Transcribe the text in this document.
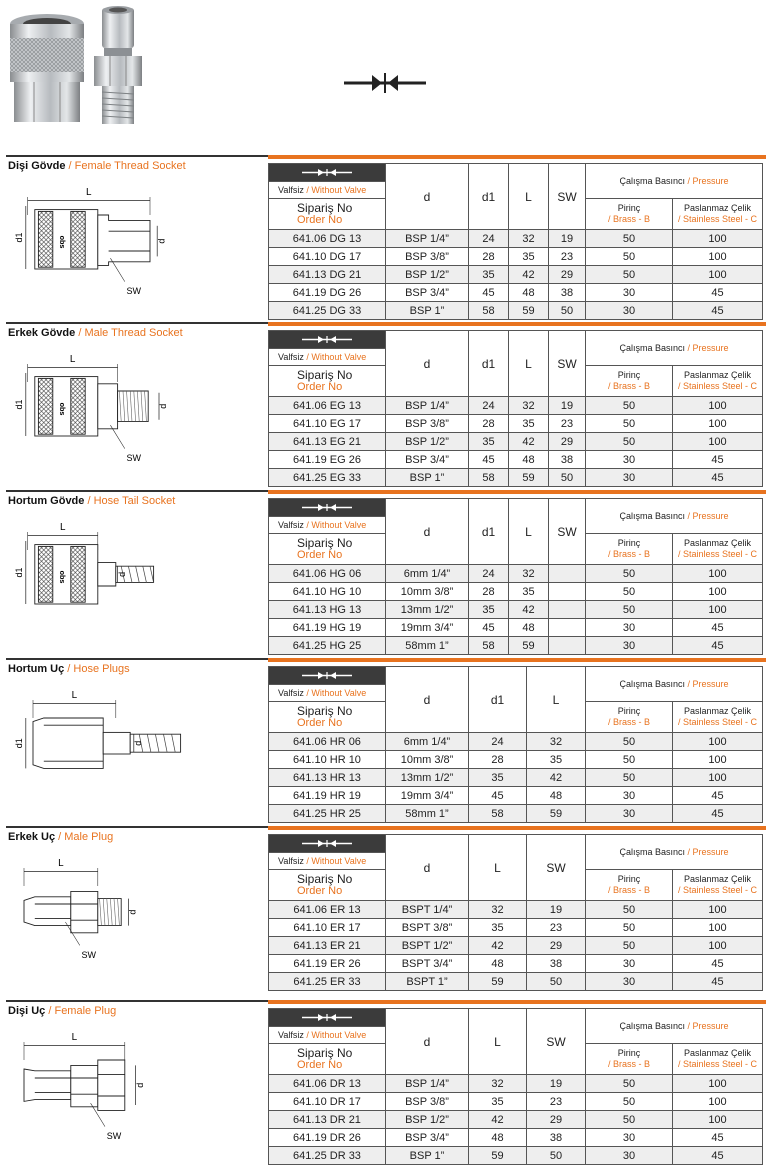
Dişi Gövde / Female Thread Socket
obs
L
d1	d
SW
	d	d1	L	SW	Çalışma Basıncı / Pressure	
Valfsiz / Without Valve						
Sipariş No
Order No					Pirinç
/ Brass - B	Paslanmaz Çelik
/ Stainless Steel - C
641.06 DG 13	BSP 1/4”	24	32	19	50	100
641.10 DG 17	BSP 3/8”	28	35	23	50	100
641.13 DG 21	BSP 1/2”	35	42	29	50	100
641.19 DG 26	BSP 3/4”	45	48	38	30	45
641.25 DG 33	BSP 1”	58	59	50	30	45
Erkek Gövde / Male Thread Socket
obs
L
d1	d
SW
	d	d1	L	SW	Çalışma Basıncı / Pressure	
Valfsiz / Without Valve						
Sipariş No
Order No					Pirinç
/ Brass - B	Paslanmaz Çelik
/ Stainless Steel - C
641.06 EG 13	BSP 1/4”	24	32	19	50	100
641.10 EG 17	BSP 3/8”	28	35	23	50	100
641.13 EG 21	BSP 1/2”	35	42	29	50	100
641.19 EG 26	BSP 3/4”	45	48	38	30	45
641.25 EG 33	BSP 1”	58	59	50	30	45
Hortum Gövde / Hose Tail Socket
obs
L
d1	d
	d	d1	L	SW	Çalışma Basıncı / Pressure	
Valfsiz / Without Valve						
Sipariş No
Order No					Pirinç
/ Brass - B	Paslanmaz Çelik
/ Stainless Steel - C
641.06 HG 06	6mm 1/4”	24	32		50	100
641.10 HG 10	10mm 3/8”	28	35		50	100
641.13 HG 13	13mm 1/2”	35	42		50	100
641.19 HG 19	19mm 3/4”	45	48		30	45
641.25 HG 25	58mm 1”	58	59		30	45
Hortum Uç / Hose Plugs
L
d1	d
	d	d1	L	Çalışma Basıncı / Pressure	
Valfsiz / Without Valve					
Sipariş No
Order No				Pirinç
/ Brass - B	Paslanmaz Çelik
/ Stainless Steel - C
641.06 HR 06	6mm 1/4”	24	32	50	100
641.10 HR 10	10mm 3/8”	28	35	50	100
641.13 HR 13	13mm 1/2”	35	42	50	100
641.19 HR 19	19mm 3/4”	45	48	30	45
641.25 HR 25	58mm 1”	58	59	30	45
Erkek Uç / Male Plug
L
d
SW
	d	L	SW	Çalışma Basıncı / Pressure	
Valfsiz / Without Valve					
Sipariş No
Order No				Pirinç
/ Brass - B	Paslanmaz Çelik
/ Stainless Steel - C
641.06 ER 13	BSPT 1/4”	32	19	50	100
641.10 ER 17	BSPT 3/8”	35	23	50	100
641.13 ER 21	BSPT 1/2”	42	29	50	100
641.19 ER 26	BSPT 3/4”	48	38	30	45
641.25 ER 33	BSPT 1”	59	50	30	45
Dişi Uç / Female Plug
L
d
SW
	d	L	SW	Çalışma Basıncı / Pressure	
Valfsiz / Without Valve					
Sipariş No
Order No				Pirinç
/ Brass - B	Paslanmaz Çelik
/ Stainless Steel - C
641.06 DR 13	BSP 1/4”	32	19	50	100
641.10 DR 17	BSP 3/8”	35	23	50	100
641.13 DR 21	BSP 1/2”	42	29	50	100
641.19 DR 26	BSP 3/4”	48	38	30	45
641.25 DR 33	BSP 1”	59	50	30	45
